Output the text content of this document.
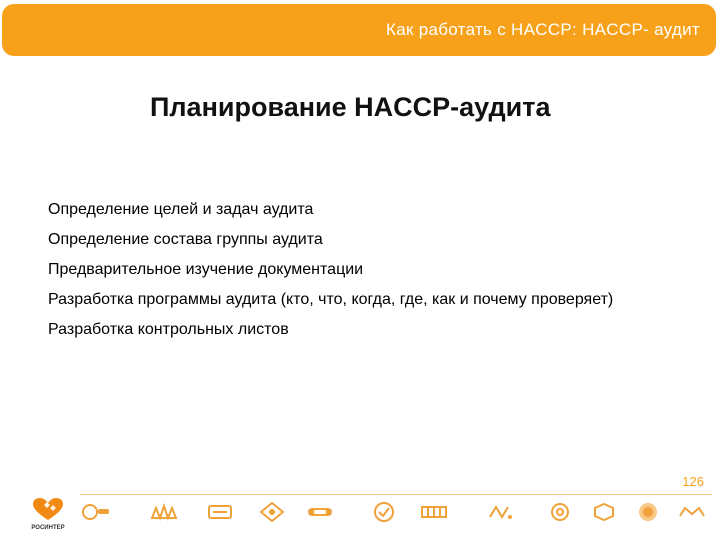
Как работать с HACCP: HACCP- аудит
Планирование HACCP-аудита
Определение целей и задач аудита
Определение состава группы аудита
Предварительное изучение документации
Разработка программы аудита (кто, что, когда, где, как и почему проверяет)
Разработка контрольных листов
126
РОСИНТЕР
